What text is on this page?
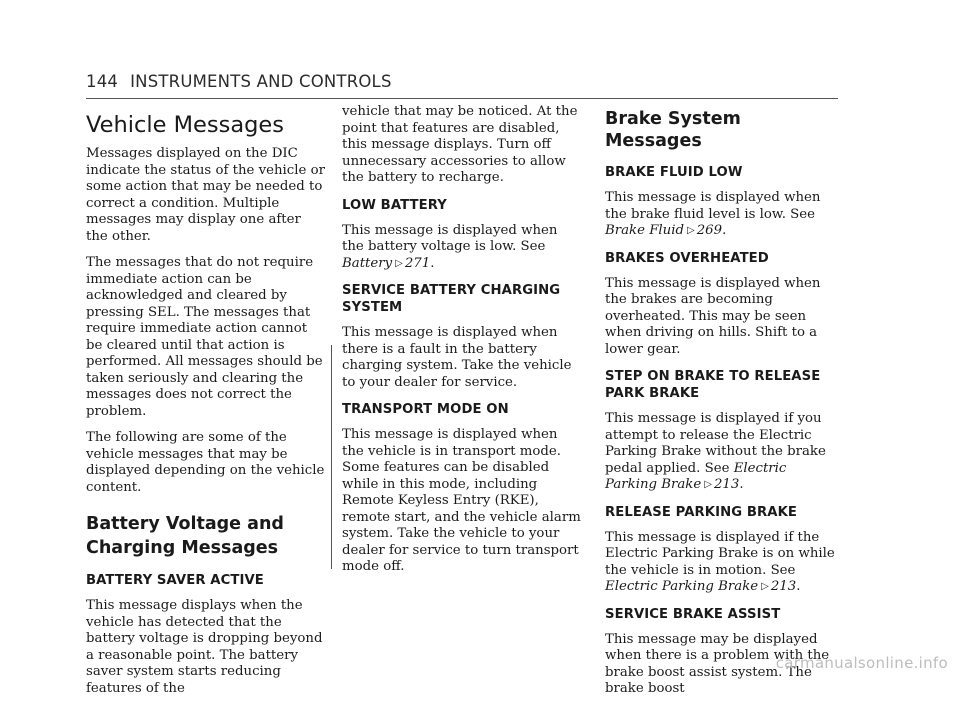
144 INSTRUMENTS AND CONTROLS
Vehicle Messages

Messages displayed on the DIC indicate the status of the vehicle or some action that may be needed to correct a condition. Multiple messages may display one after the other.

The messages that do not require immediate action can be acknowledged and cleared by pressing SEL. The messages that require immediate action cannot be cleared until that action is performed. All messages should be taken seriously and clearing the messages does not correct the problem.

The following are some of the vehicle messages that may be displayed depending on the vehicle content.

Battery Voltage and Charging Messages
BATTERY SAVER ACTIVE

This message displays when the vehicle has detected that the battery voltage is dropping beyond a reasonable point. The battery saver system starts reducing features of the

vehicle that may be noticed. At the point that features are disabled, this message displays. Turn off unnecessary accessories to allow the battery to recharge.

LOW BATTERY

This message is displayed when the battery voltage is low. See
Battery ▷ 271.

SERVICE BATTERY CHARGING SYSTEM

This message is displayed when there is a fault in the battery charging system. Take the vehicle to your dealer for service.

TRANSPORT MODE ON

This message is displayed when the vehicle is in transport mode. Some features can be disabled while in this mode, including Remote Keyless Entry (RKE), remote start, and the vehicle alarm system. Take the vehicle to your dealer for service to turn transport mode off.

Brake System Messages
BRAKE FLUID LOW

This message is displayed when the brake fluid level is low. See Brake Fluid ▷ 269.

BRAKES OVERHEATED

This message is displayed when the brakes are becoming overheated. This may be seen when driving on hills. Shift to a lower gear.

STEP ON BRAKE TO RELEASE PARK BRAKE

This message is displayed if you attempt to release the Electric Parking Brake without the brake pedal applied. See Electric Parking Brake ▷ 213.

RELEASE PARKING BRAKE

This message is displayed if the Electric Parking Brake is on while the vehicle is in motion. See Electric Parking Brake ▷ 213.

SERVICE BRAKE ASSIST

This message may be displayed when there is a problem with the brake boost assist system. The brake boost

carmanualsonline.info
